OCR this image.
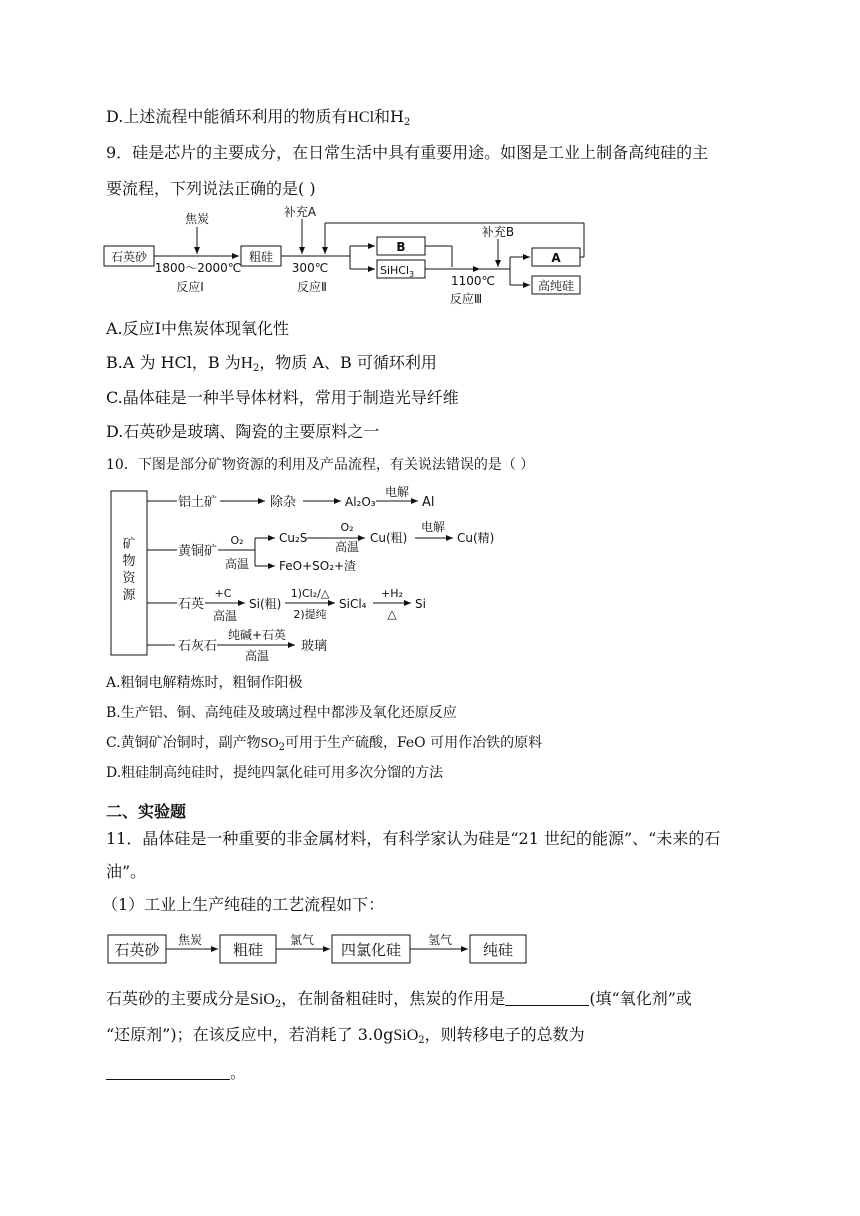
D.上述流程中能循环利用的物质有HCl和$H_2$
9．硅是芯片的主要成分，在日常生活中具有重要用途。如图是工业上制备高纯硅的主
要流程，下列说法正确的是( )
石英砂
焦炭
1800～2000℃
反应Ⅰ
粗硅
补充A
300℃
反应Ⅱ
B
SiHCl$_3$
补充B
1100℃
反应Ⅲ
A
高纯硅
A.反应Ⅰ中焦炭体现氧化性
B.A 为 HCl，B 为$H_2$，物质 A、B 可循环利用
C.晶体硅是一种半导体材料，常用于制造光导纤维
D.石英砂是玻璃、陶瓷的主要原料之一
10．下图是部分矿物资源的利用及产品流程，有关说法错误的是（ ）
矿
物
资
源
铝土矿	除杂	Al₂O₃
电解
Al
黄铜矿
O₂
高温
Cu₂S
O₂
高温
Cu(粗)
电解
Cu(精)
FeO+SO₂+渣
石英
+C
高温
Si(粗)
1)Cl₂/△
2)提纯
SiCl₄
+H₂
△
Si
石灰石
纯碱+石英
高温
玻璃
A.粗铜电解精炼时，粗铜作阳极
B.生产铝、铜、高纯硅及玻璃过程中都涉及氧化还原反应
C.黄铜矿冶铜时，副产物$SO_2$可用于生产硫酸，FeO 可用作冶铁的原料
D.粗硅制高纯硅时，提纯四氯化硅可用多次分馏的方法
二、实验题
11．晶体硅是一种重要的非金属材料，有科学家认为硅是“21 世纪的能源”、“未来的石
油”。
（1）工业上生产纯硅的工艺流程如下：
石英砂
焦炭
粗硅
氯气
四氯化硅
氢气
纯硅
石英砂的主要成分是SiO$_2$，在制备粗硅时，焦炭的作用是	(填“氧化剂”或
“还原剂”)；在该反应中，若消耗了 3.0gSiO$_2$，则转移电子的总数为
。
